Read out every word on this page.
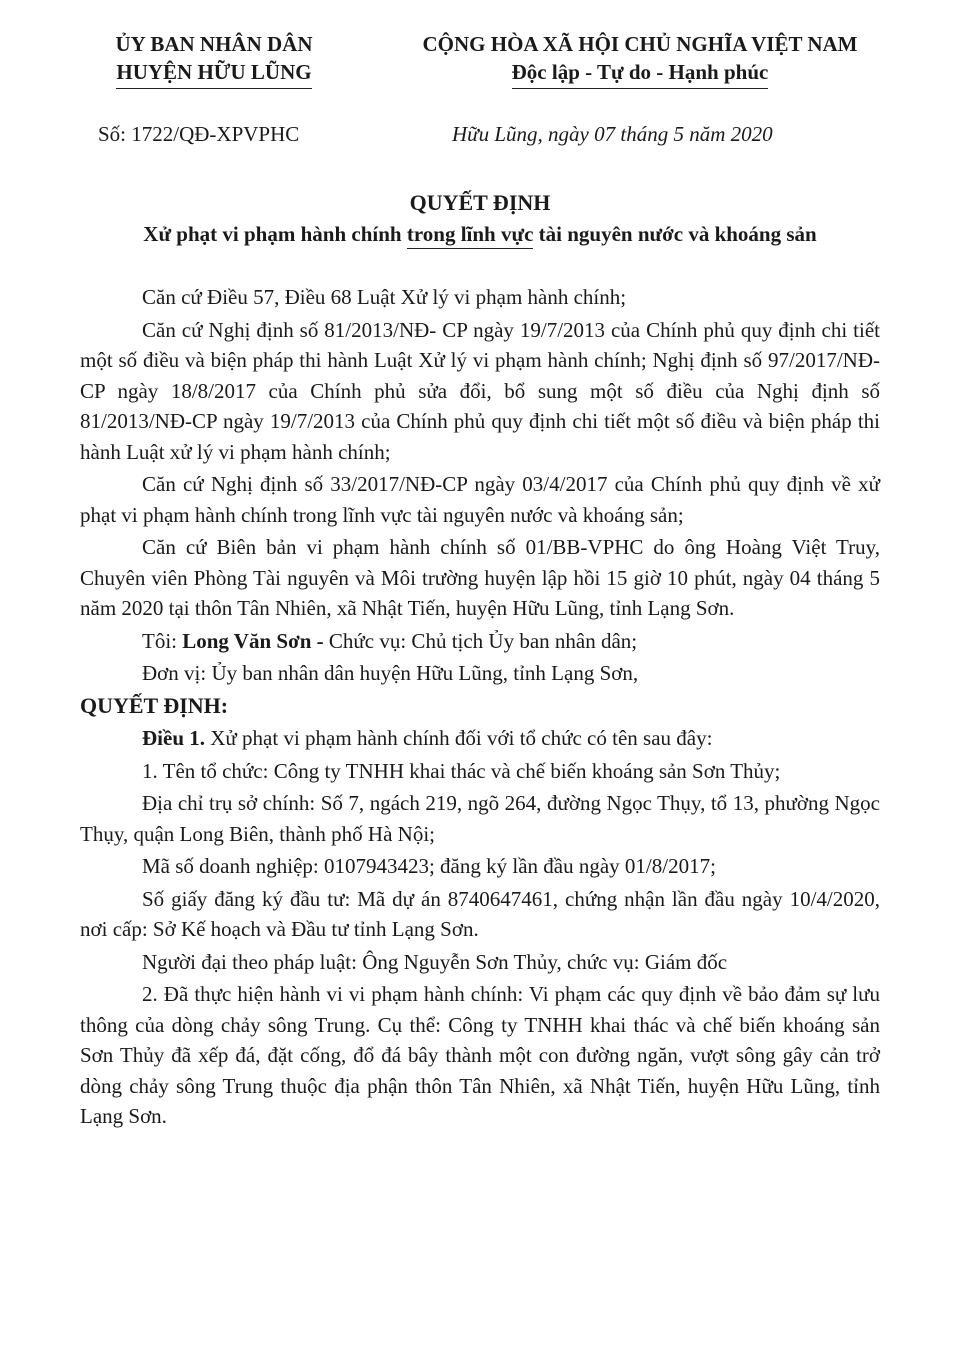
ỦY BAN NHÂN DÂN
HUYỆN HỮU LŨNG
CỘNG HÒA XÃ HỘI CHỦ NGHĨA VIỆT NAM
Độc lập - Tự do - Hạnh phúc
Số: 1722/QĐ-XPVPHC	Hữu Lũng, ngày 07 tháng 5 năm 2020
QUYẾT ĐỊNH
Xử phạt vi phạm hành chính trong lĩnh vực tài nguyên nước và khoáng sản

Căn cứ Điều 57, Điều 68 Luật Xử lý vi phạm hành chính;

Căn cứ Nghị định số 81/2013/NĐ- CP ngày 19/7/2013 của Chính phủ quy định chi tiết một số điều và biện pháp thi hành Luật Xử lý vi phạm hành chính; Nghị định số 97/2017/NĐ- CP ngày 18/8/2017 của Chính phủ sửa đổi, bổ sung một số điều của Nghị định số 81/2013/NĐ-CP ngày 19/7/2013 của Chính phủ quy định chi tiết một số điều và biện pháp thi hành Luật xử lý vi phạm hành chính;

Căn cứ Nghị định số 33/2017/NĐ-CP ngày 03/4/2017 của Chính phủ quy định về xử phạt vi phạm hành chính trong lĩnh vực tài nguyên nước và khoáng sản;

Căn cứ Biên bản vi phạm hành chính số 01/BB-VPHC do ông Hoàng Việt Truy, Chuyên viên Phòng Tài nguyên và Môi trường huyện lập hồi 15 giờ 10 phút, ngày 04 tháng 5 năm 2020 tại thôn Tân Nhiên, xã Nhật Tiến, huyện Hữu Lũng, tỉnh Lạng Sơn.

Tôi: Long Văn Sơn - Chức vụ: Chủ tịch Ủy ban nhân dân;

Đơn vị: Ủy ban nhân dân huyện Hữu Lũng, tỉnh Lạng Sơn,

QUYẾT ĐỊNH:

Điều 1. Xử phạt vi phạm hành chính đối với tổ chức có tên sau đây:

1. Tên tổ chức: Công ty TNHH khai thác và chế biến khoáng sản Sơn Thủy;

Địa chỉ trụ sở chính: Số 7, ngách 219, ngõ 264, đường Ngọc Thụy, tổ 13, phường Ngọc Thụy, quận Long Biên, thành phố Hà Nội;

Mã số doanh nghiệp: 0107943423; đăng ký lần đầu ngày 01/8/2017;

Số giấy đăng ký đầu tư: Mã dự án 8740647461, chứng nhận lần đầu ngày 10/4/2020, nơi cấp: Sở Kế hoạch và Đầu tư tỉnh Lạng Sơn.

Người đại theo pháp luật: Ông Nguyễn Sơn Thủy, chức vụ: Giám đốc

2. Đã thực hiện hành vi vi phạm hành chính: Vi phạm các quy định về bảo đảm sự lưu thông của dòng chảy sông Trung. Cụ thể: Công ty TNHH khai thác và chế biến khoáng sản Sơn Thủy đã xếp đá, đặt cống, đổ đá bây thành một con đường ngăn, vượt sông gây cản trở dòng chảy sông Trung thuộc địa phận thôn Tân Nhiên, xã Nhật Tiến, huyện Hữu Lũng, tỉnh Lạng Sơn.
